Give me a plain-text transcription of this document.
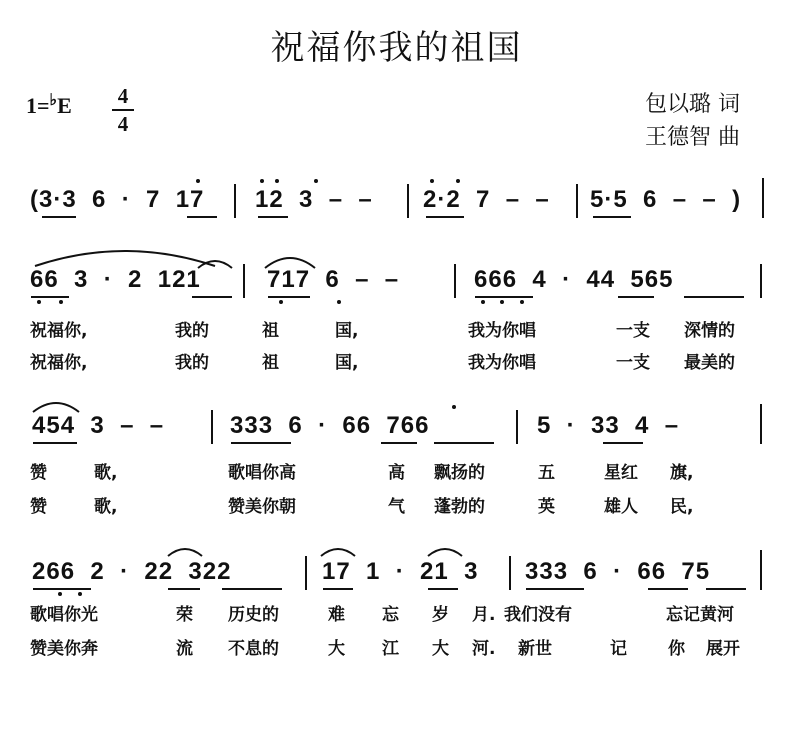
祝福你我的祖国
1=♭E 4
4
包以璐 词
王德智 曲
(3·3  6  ·  7  17 12  3  –  – 2·2  7  –  – 5·5  6  –  –  )
66  3  ·  2  121	717  6  –  –	666  4  ·  44  565
祝福你,	我的	祖	国,	我为你唱	一支 深情的
祝福你,	我的	祖	国,	我为你唱	一支 最美的
454  3  –  –	333  6  ·  66  766	5  ·  33  4  –
赞	歌,	歌唱你高	高 飘扬的	五	星红 旗,
赞	歌,	赞美你朝	气 蓬勃的	英	雄人 民,
266  2  ·  22  322	17  1  ·  21  3 333  6  ·  66  75
歌唱你光	荣 历史的	难 忘 岁 月. 我们没有	忘记黄河
赞美你奔	流 不息的	大 江 大 河. 新世	记 你 展开
